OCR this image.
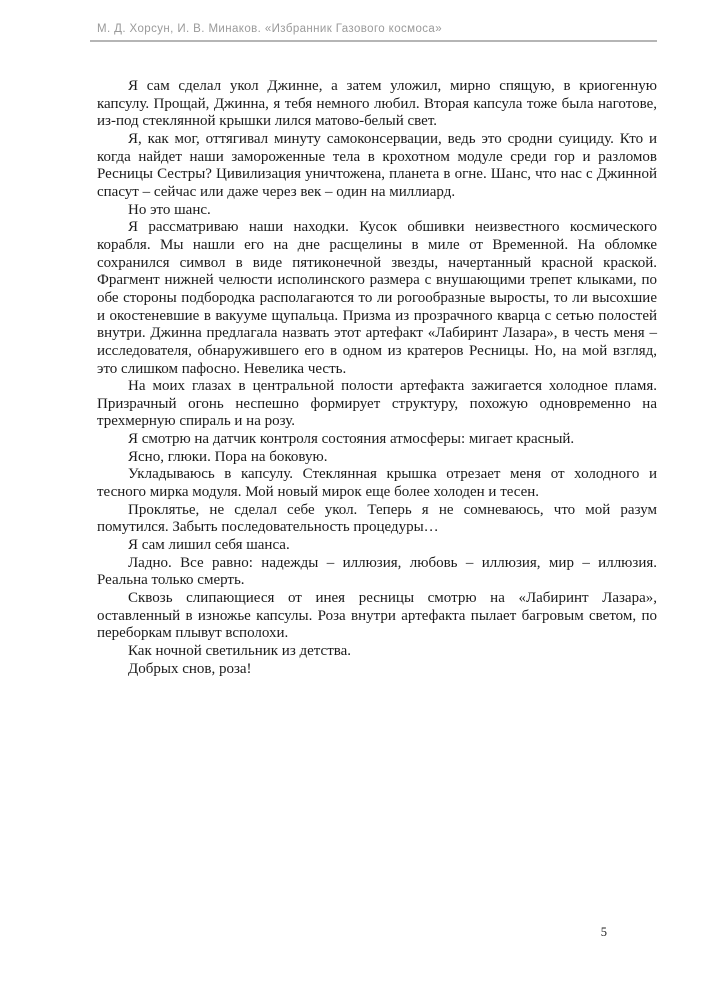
М. Д. Хорсун, И. В. Минаков. «Избранник Газового космоса»

Я сам сделал укол Джинне, а затем уложил, мирно спящую, в криогенную капсулу. Прощай, Джинна, я тебя немного любил. Вторая капсула тоже была наготове, из-под стеклянной крышки лился матово-белый свет.

Я, как мог, оттягивал минуту самоконсервации, ведь это сродни суициду. Кто и когда найдет наши замороженные тела в крохотном модуле среди гор и разломов Ресницы Сестры? Цивилизация уничтожена, планета в огне. Шанс, что нас с Джинной спасут – сейчас или даже через век – один на миллиард.

Но это шанс.

Я рассматриваю наши находки. Кусок обшивки неизвестного космического корабля. Мы нашли его на дне расщелины в миле от Временной. На обломке сохранился символ в виде пятиконечной звезды, начертанный красной краской. Фрагмент нижней челюсти исполинского размера с внушающими трепет клыками, по обе стороны подбородка располагаются то ли рогообразные выросты, то ли высохшие и окостеневшие в вакууме щупальца. Призма из прозрачного кварца с сетью полостей внутри. Джинна предлагала назвать этот артефакт «Лабиринт Лазара», в честь меня – исследователя, обнаружившего его в одном из кратеров Ресницы. Но, на мой взгляд, это слишком пафосно. Невелика честь.

На моих глазах в центральной полости артефакта зажигается холодное пламя. Призрачный огонь неспешно формирует структуру, похожую одновременно на трехмерную спираль и на розу.

Я смотрю на датчик контроля состояния атмосферы: мигает красный.

Ясно, глюки. Пора на боковую.

Укладываюсь в капсулу. Стеклянная крышка отрезает меня от холодного и тесного мирка модуля. Мой новый мирок еще более холоден и тесен.

Проклятье, не сделал себе укол. Теперь я не сомневаюсь, что мой разум помутился. Забыть последовательность процедуры…

Я сам лишил себя шанса.

Ладно. Все равно: надежды – иллюзия, любовь – иллюзия, мир – иллюзия. Реальна только смерть.

Сквозь слипающиеся от инея ресницы смотрю на «Лабиринт Лазара», оставленный в изножье капсулы. Роза внутри артефакта пылает багровым светом, по переборкам плывут всполохи.

Как ночной светильник из детства.

Добрых снов, роза!

5
